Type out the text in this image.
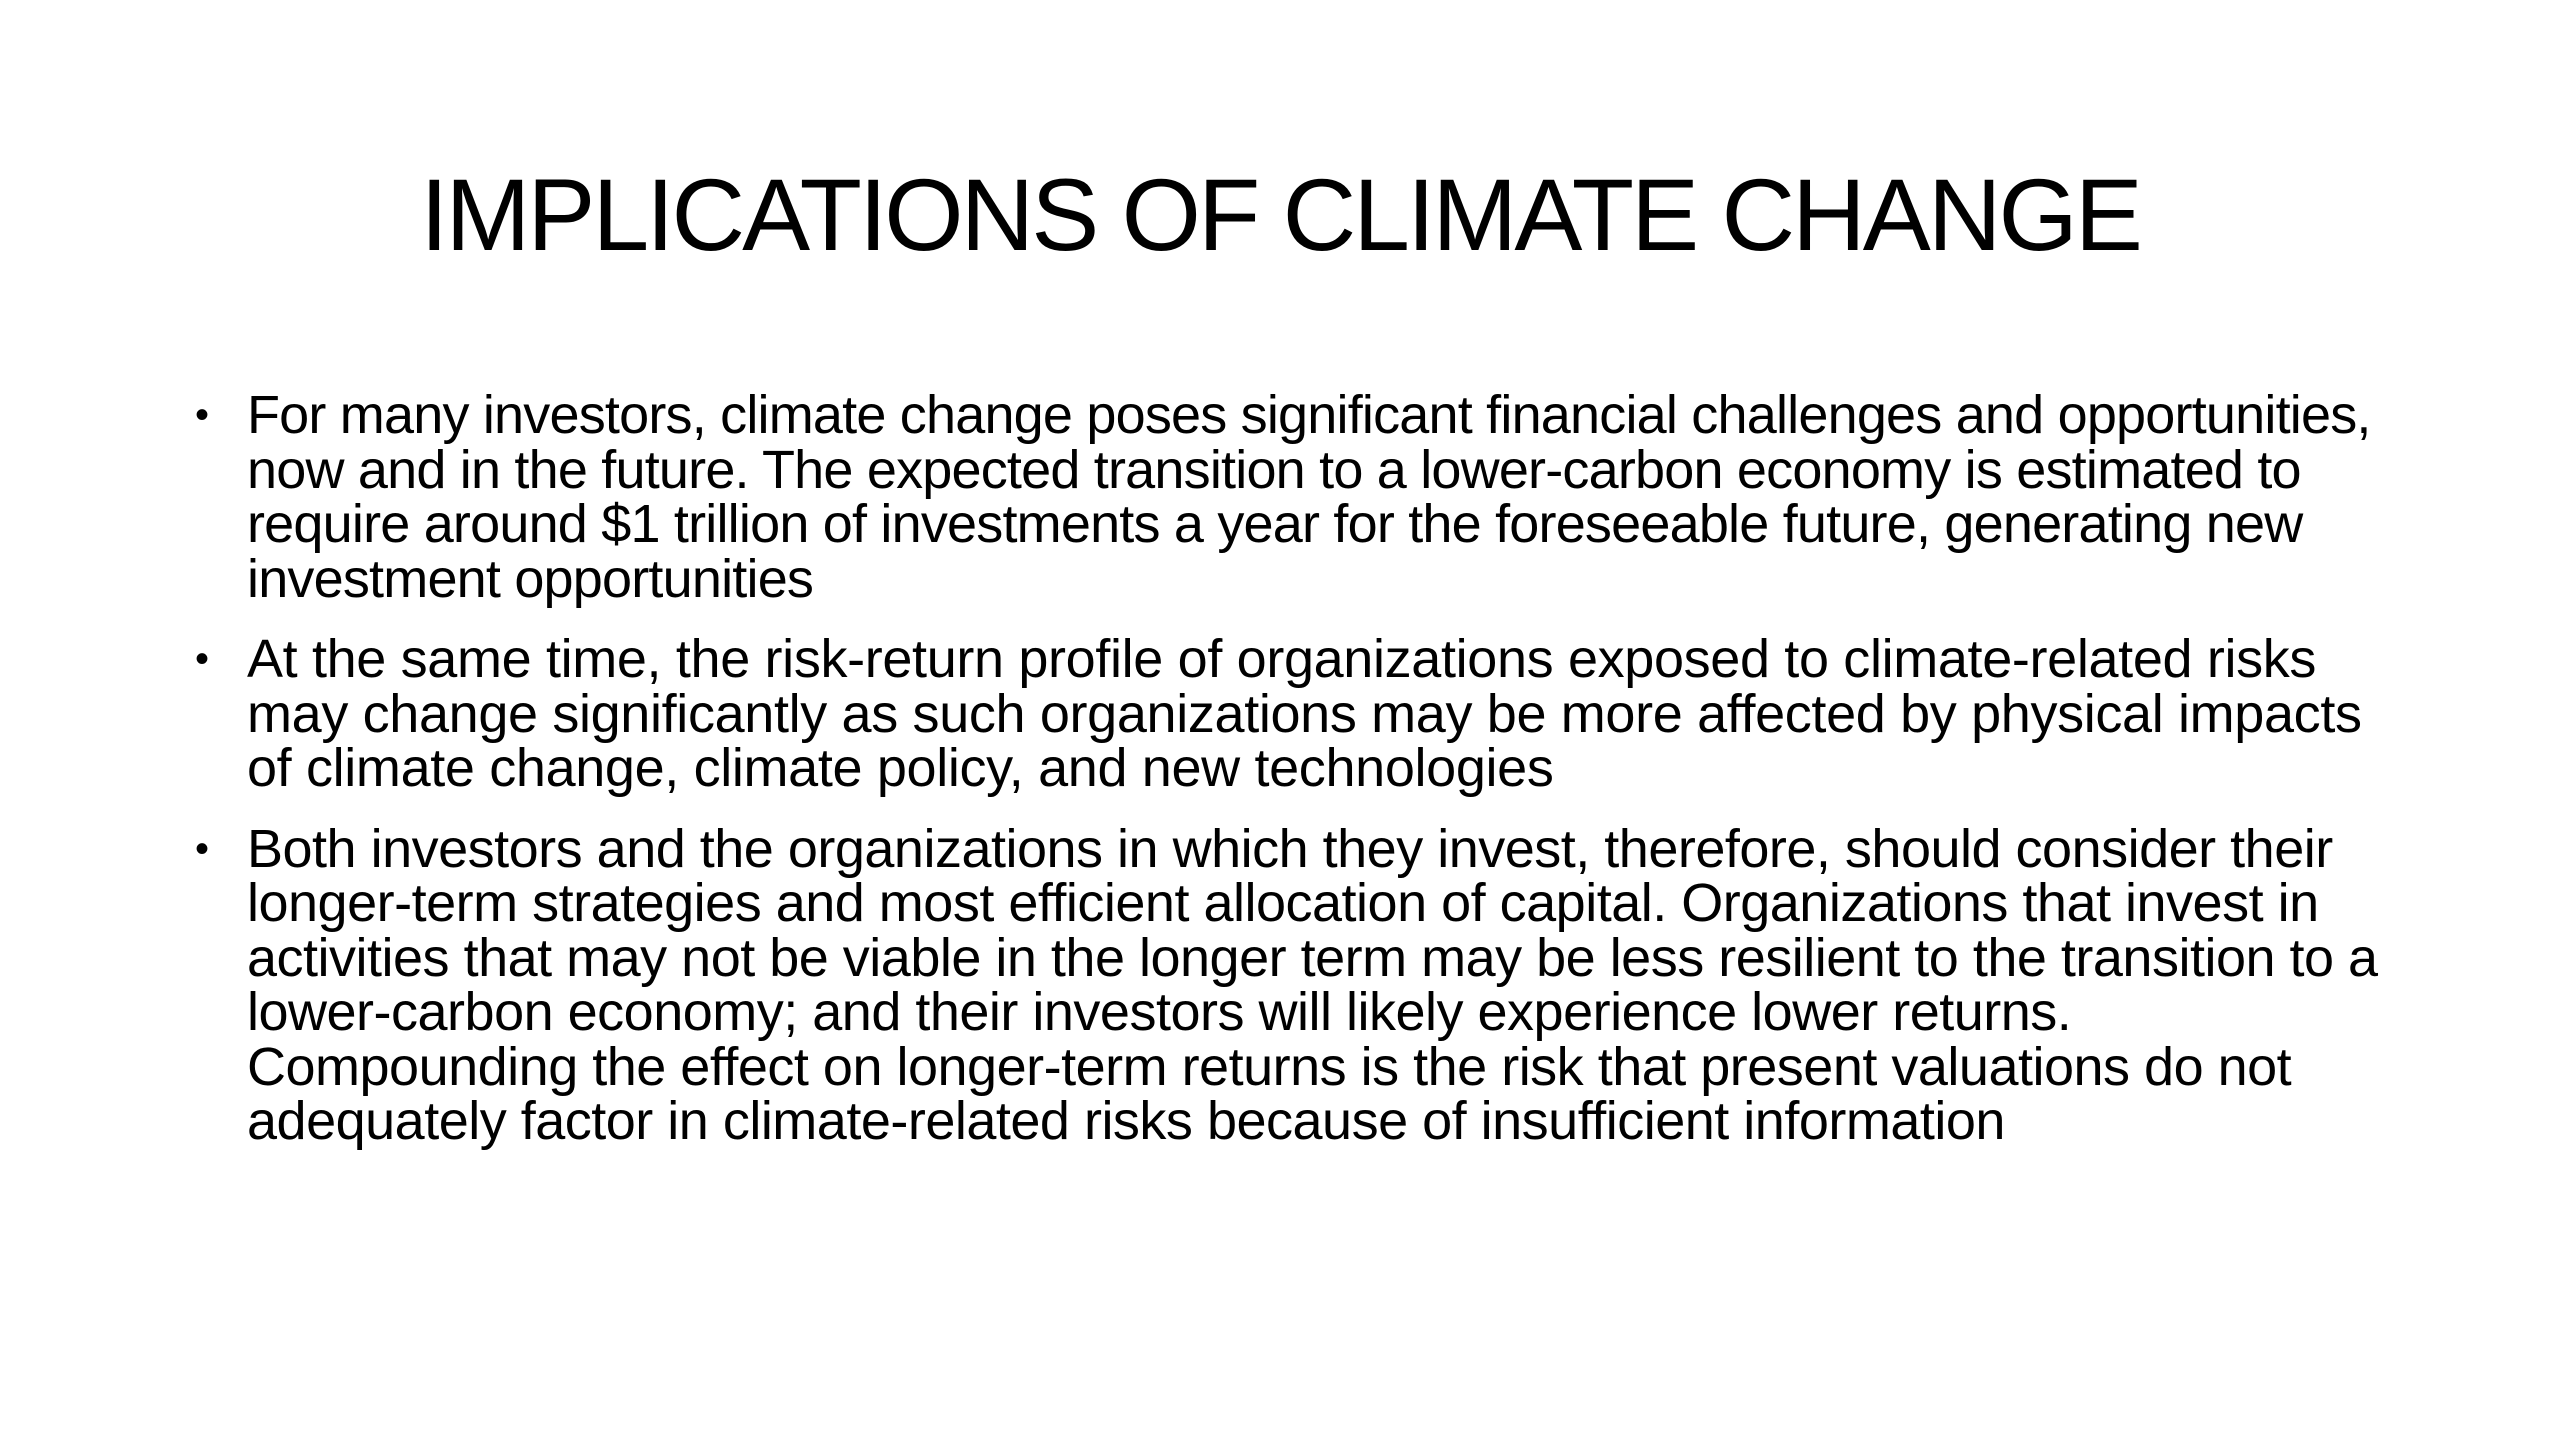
IMPLICATIONS OF CLIMATE CHANGE
• For many investors, climate change poses significant financial challenges and opportunities, now and in the future. The expected transition to a lower-carbon economy is estimated to require around $1 trillion of investments a year for the foreseeable future, generating new investment opportunities
• At the same time, the risk-return profile of organizations exposed to climate-related risks may change significantly as such organizations may be more affected by physical impacts of climate change, climate policy, and new technologies
• Both investors and the organizations in which they invest, therefore, should consider their longer-term strategies and most efficient allocation of capital. Organizations that invest in activities that may not be viable in the longer term may be less resilient to the transition to a lower-carbon economy; and their investors will likely experience lower returns. Compounding the effect on longer-term returns is the risk that present valuations do not adequately factor in climate-related risks because of insufficient information
